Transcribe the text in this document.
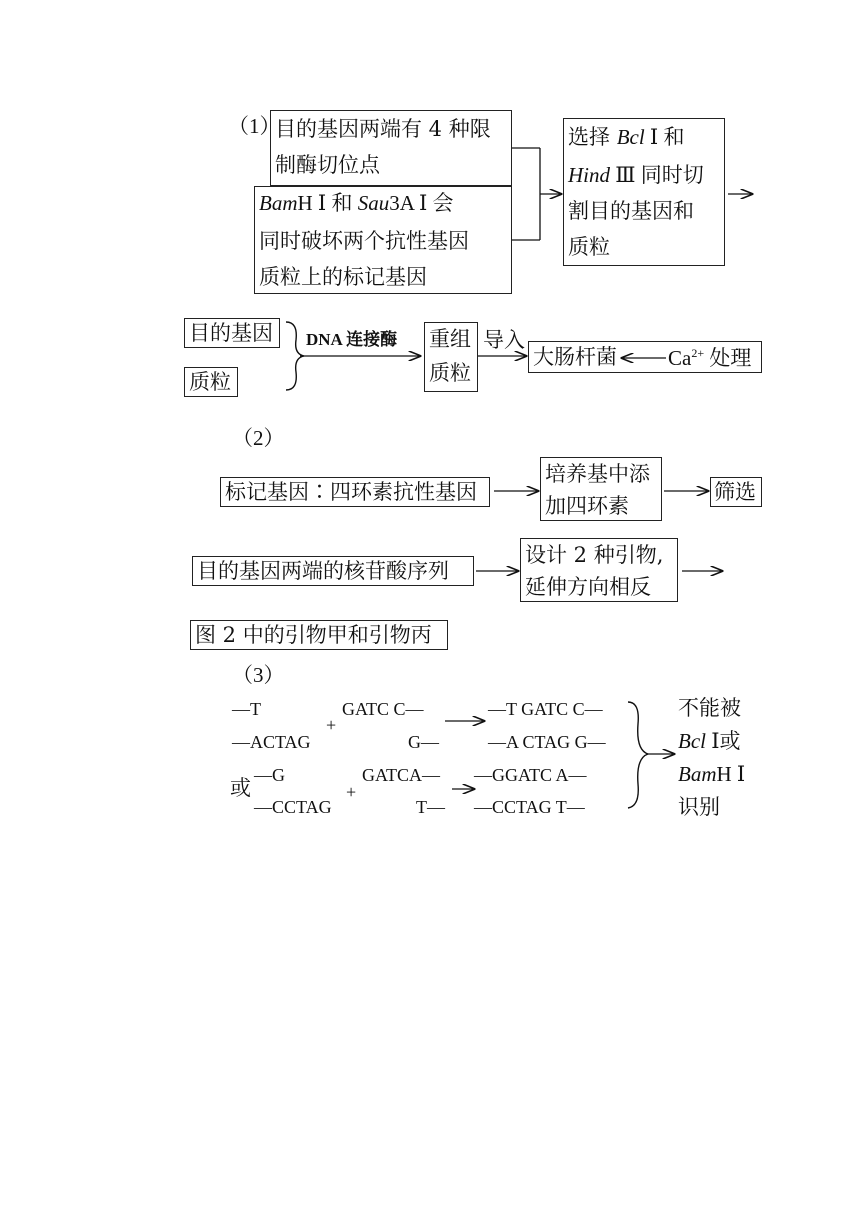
（1）
目的基因两端有 4 种限
制酶切位点
BamH Ⅰ 和 Sau3A Ⅰ 会
同时破坏两个抗性基因
质粒上的标记基因
选择 Bcl Ⅰ 和
Hind Ⅲ 同时切
割目的基因和
质粒
目的基因
质粒
DNA 连接酶 重组
质粒
导入
大肠杆菌 $Ca^{2+}$ 处理
（2）
标记基因∶四环素抗性基因
培养基中添
加四环素
筛选
目的基因两端的核苷酸序列
设计 2 种引物,
延伸方向相反
图 2 中的引物甲和引物丙
（3）
—T	GATC C—	—T GATC C—
+
—ACTAG	G—	—A CTAG G—
或
—G	GATCA— —GGATC A—
+
—CCTAG	T— —CCTAG T—
不能被
Bcl Ⅰ或
BamH Ⅰ
识别
